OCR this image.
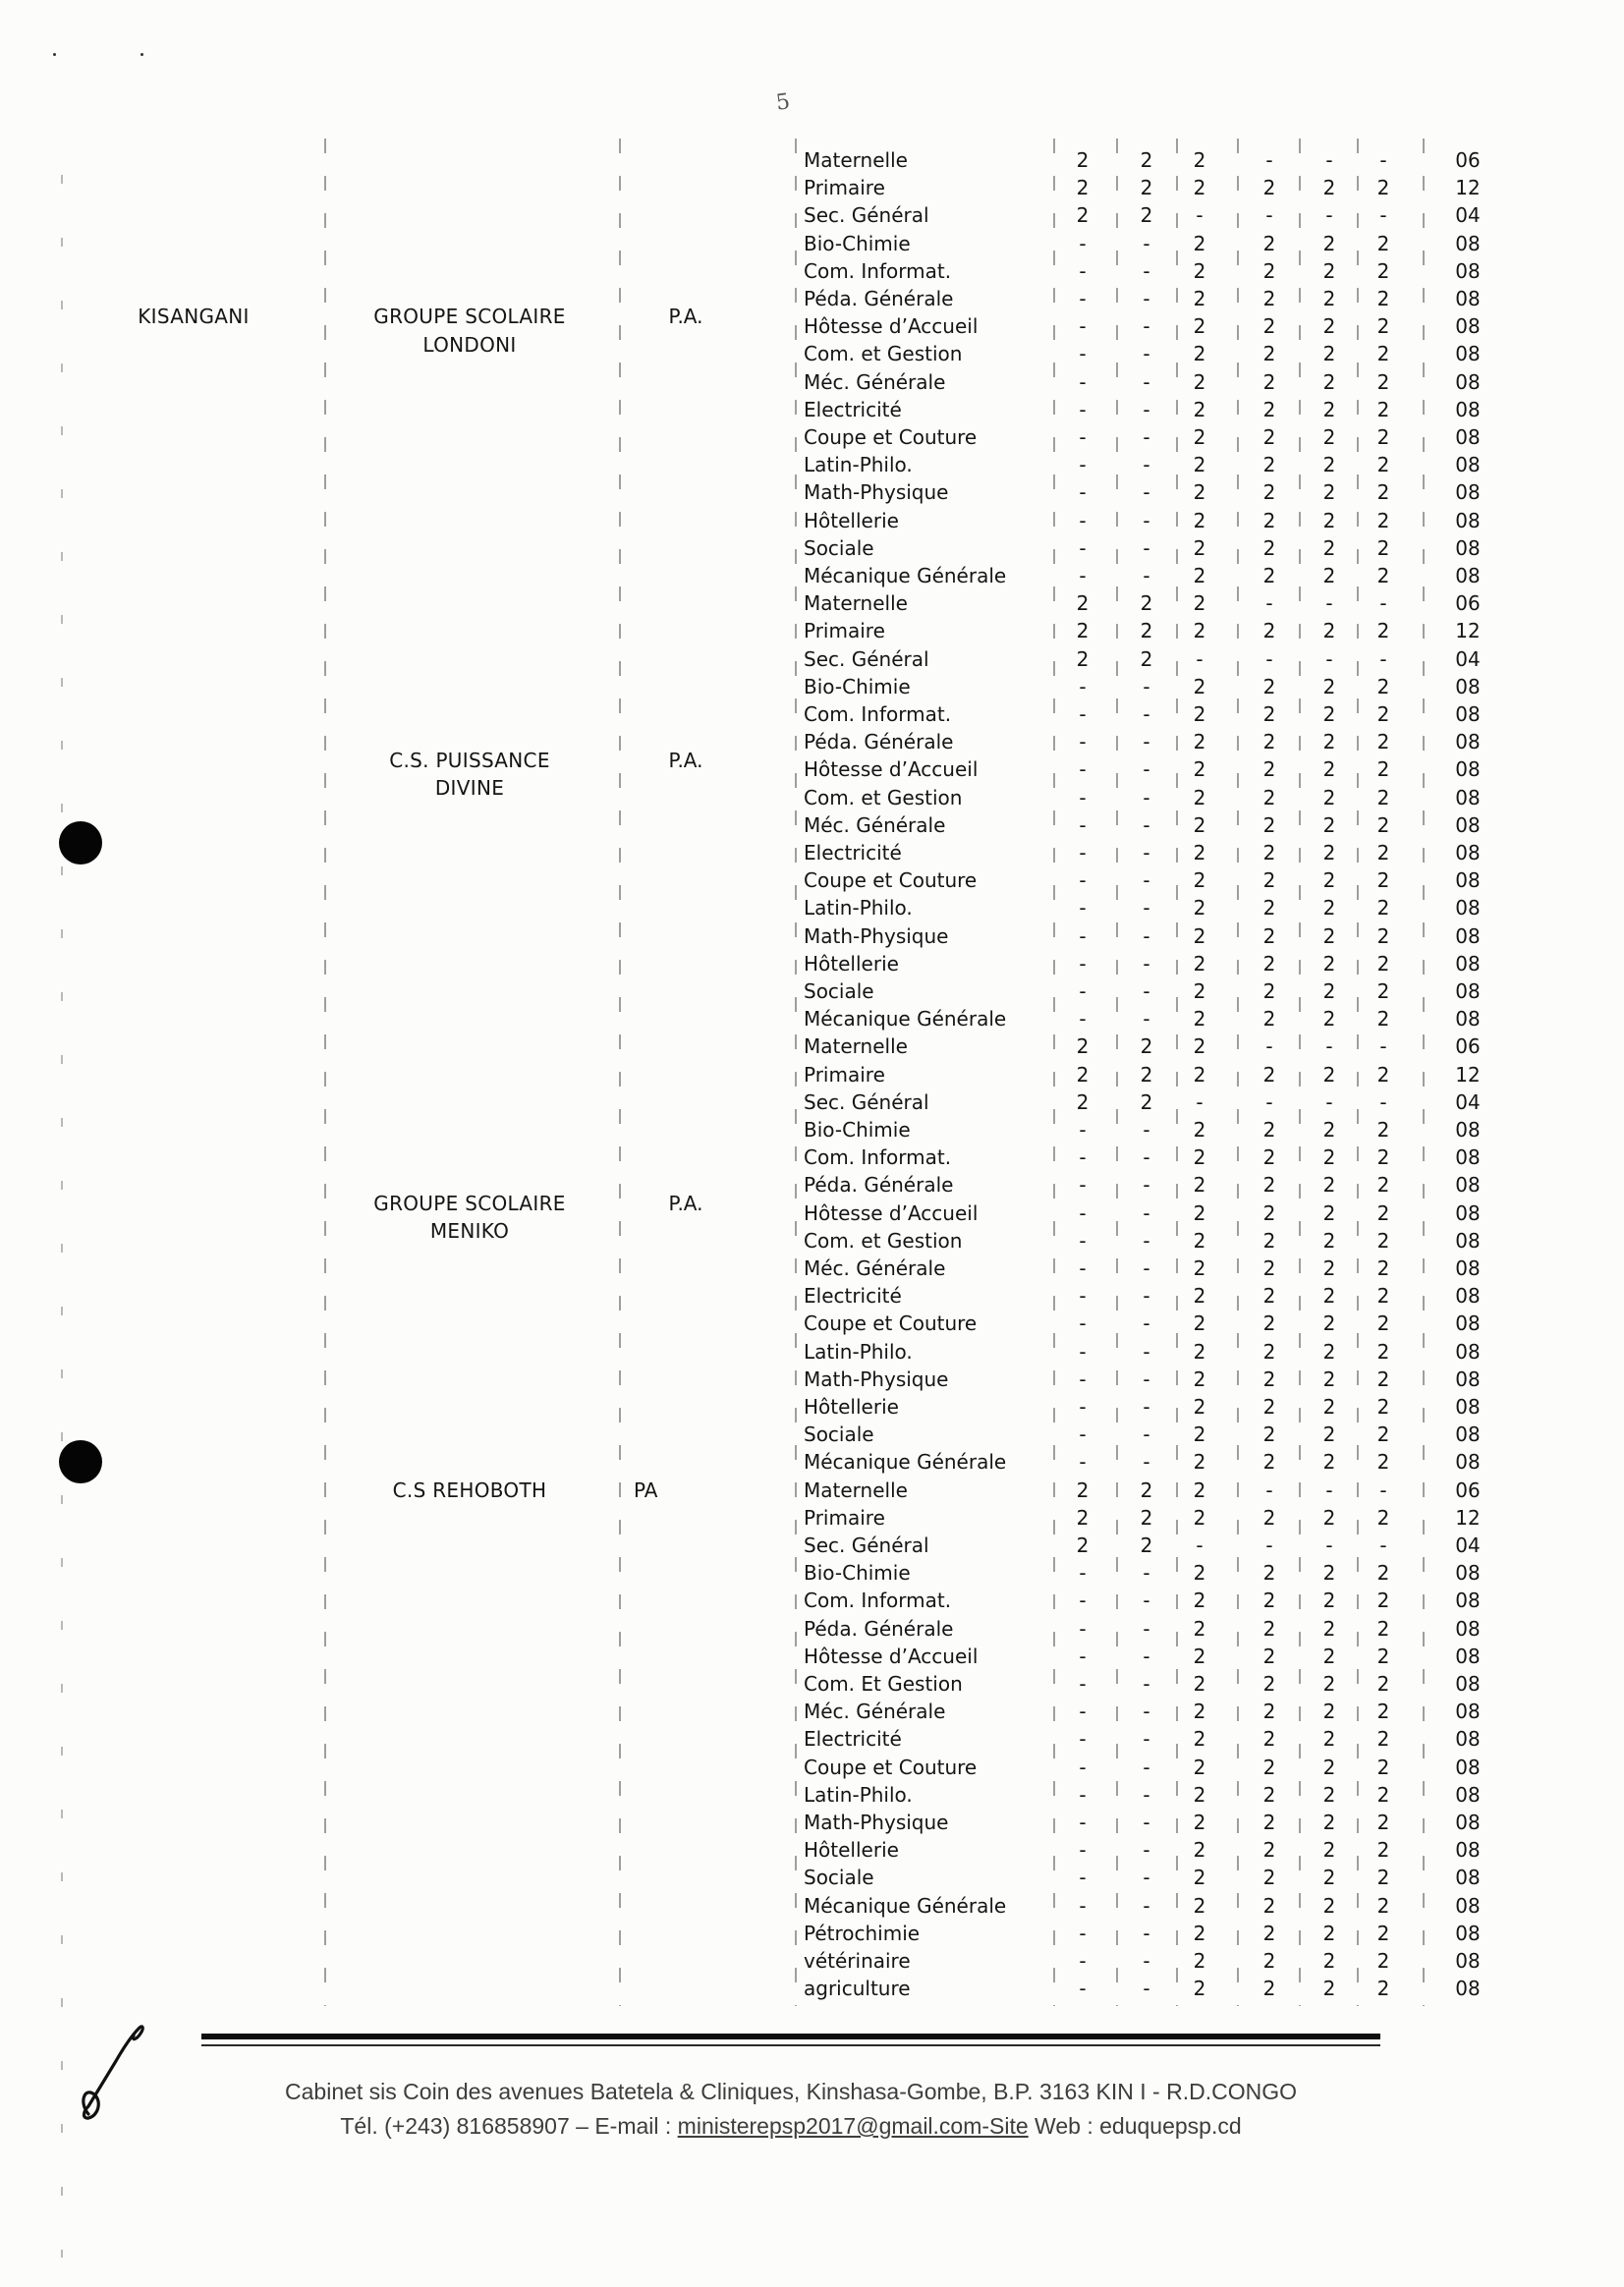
5
KISANGANI	GROUPE SCOLAIRE
LONDONI
P.A.
Maternelle	2	2	2	-	-	-	06
Primaire	2	2	2	2	2	2	12
Sec. Général	2	2	-	-	-	-	04
Bio-Chimie	-	-	2	2	2	2	08
Com. Informat.	-	-	2	2	2	2	08
Péda. Générale	-	-	2	2	2	2	08
Hôtesse d’Accueil	-	-	2	2	2	2	08
Com. et Gestion	-	-	2	2	2	2	08
Méc. Générale	-	-	2	2	2	2	08
Electricité	-	-	2	2	2	2	08
Coupe et Couture	-	-	2	2	2	2	08
Latin-Philo.	-	-	2	2	2	2	08
Math-Physique	-	-	2	2	2	2	08
Hôtellerie	-	-	2	2	2	2	08
Sociale	-	-	2	2	2	2	08
Mécanique Générale	-	-	2	2	2	2	08
C.S. PUISSANCE
DIVINE
P.A.
Maternelle	2	2	2	-	-	-	06
Primaire	2	2	2	2	2	2	12
Sec. Général	2	2	-	-	-	-	04
Bio-Chimie	-	-	2	2	2	2	08
Com. Informat.	-	-	2	2	2	2	08
Péda. Générale	-	-	2	2	2	2	08
Hôtesse d’Accueil	-	-	2	2	2	2	08
Com. et Gestion	-	-	2	2	2	2	08
Méc. Générale	-	-	2	2	2	2	08
Electricité	-	-	2	2	2	2	08
Coupe et Couture	-	-	2	2	2	2	08
Latin-Philo.	-	-	2	2	2	2	08
Math-Physique	-	-	2	2	2	2	08
Hôtellerie	-	-	2	2	2	2	08
Sociale	-	-	2	2	2	2	08
Mécanique Générale	-	-	2	2	2	2	08
GROUPE SCOLAIRE
MENIKO
P.A.
Maternelle	2	2	2	-	-	-	06
Primaire	2	2	2	2	2	2	12
Sec. Général	2	2	-	-	-	-	04
Bio-Chimie	-	-	2	2	2	2	08
Com. Informat.	-	-	2	2	2	2	08
Péda. Générale	-	-	2	2	2	2	08
Hôtesse d’Accueil	-	-	2	2	2	2	08
Com. et Gestion	-	-	2	2	2	2	08
Méc. Générale	-	-	2	2	2	2	08
Electricité	-	-	2	2	2	2	08
Coupe et Couture	-	-	2	2	2	2	08
Latin-Philo.	-	-	2	2	2	2	08
Math-Physique	-	-	2	2	2	2	08
Hôtellerie	-	-	2	2	2	2	08
Sociale	-	-	2	2	2	2	08
Mécanique Générale	-	-	2	2	2	2	08
C.S REHOBOTH	PA	Maternelle	2	2	2	-	-	-	06
Primaire	2	2	2	2	2	2	12
Sec. Général	2	2	-	-	-	-	04
Bio-Chimie	-	-	2	2	2	2	08
Com. Informat.	-	-	2	2	2	2	08
Péda. Générale	-	-	2	2	2	2	08
Hôtesse d’Accueil	-	-	2	2	2	2	08
Com. Et Gestion	-	-	2	2	2	2	08
Méc. Générale	-	-	2	2	2	2	08
Electricité	-	-	2	2	2	2	08
Coupe et Couture	-	-	2	2	2	2	08
Latin-Philo.	-	-	2	2	2	2	08
Math-Physique	-	-	2	2	2	2	08
Hôtellerie	-	-	2	2	2	2	08
Sociale	-	-	2	2	2	2	08
Mécanique Générale	-	-	2	2	2	2	08
Pétrochimie	-	-	2	2	2	2	08
vétérinaire	-	-	2	2	2	2	08
agriculture	-	-	2	2	2	2	08
Cabinet sis Coin des avenues Batetela & Cliniques, Kinshasa-Gombe, B.P. 3163 KIN I - R.D.CONGO
Tél. (+243) 816858907 – E-mail : ministerepsp2017@gmail.com-Site Web : eduquepsp.cd
